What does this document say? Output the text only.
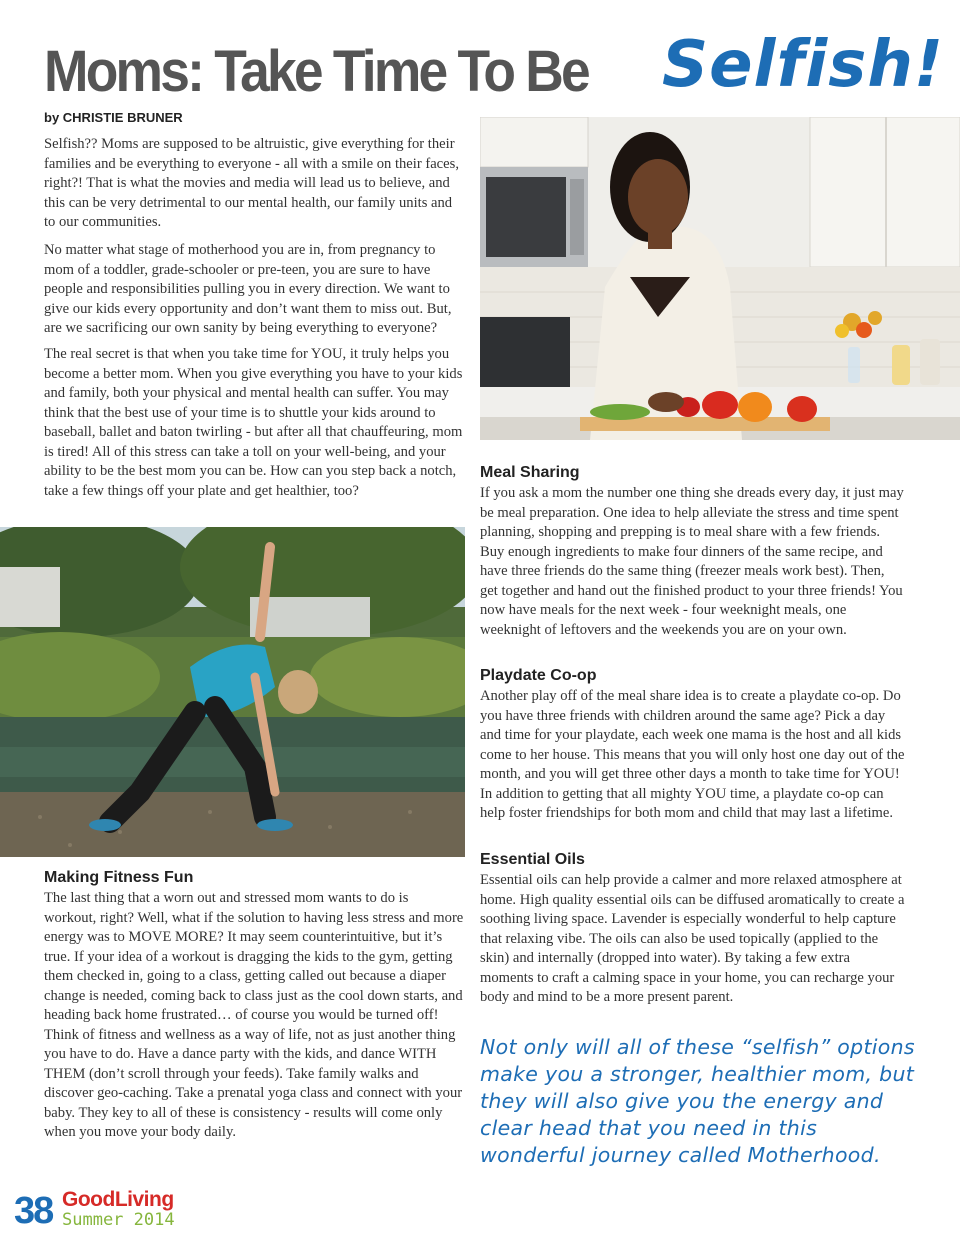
Moms: Take Time To Be Selfish!
by CHRISTIE BRUNER

Selfish?? Moms are supposed to be altruistic, give everything for their families and be everything to everyone - all with a smile on their faces, right?! That is what the movies and media will lead us to believe, and this can be very detrimental to our mental health, our family units and to our communities.

No matter what stage of motherhood you are in, from pregnancy to mom of a toddler, grade-schooler or pre-teen, you are sure to have people and responsibilities pulling you in every direction. We want to give our kids every opportunity and don’t want them to miss out. But, are we sacrificing our own sanity by being everything to everyone?

The real secret is that when you take time for YOU, it truly helps you become a better mom. When you give everything you have to your kids and family, both your physical and mental health can suffer. You may think that the best use of your time is to shuttle your kids around to baseball, ballet and baton twirling - but after all that chauffeuring, mom is tired! All of this stress can take a toll on your well-being, and your ability to be the best mom you can be. How can you step back a notch, take a few things off your plate and get healthier, too?

Meal Sharing

If you ask a mom the number one thing she dreads every day, it just may be meal preparation. One idea to help alleviate the stress and time spent planning, shopping and prepping is to meal share with a few friends. Buy enough ingredients to make four dinners of the same recipe, and have three friends do the same thing (freezer meals work best). Then, get together and hand out the finished product to your three friends! You now have meals for the next week - four weeknight meals, one weeknight of leftovers and the weekends you are on your own.

Playdate Co-op

Another play off of the meal share idea is to create a playdate co-op. Do you have three friends with children around the same age? Pick a day and time for your playdate, each week one mama is the host and all kids come to her house. This means that you will only host one day out of the month, and you will get three other days a month to take time for YOU! In addition to getting that all mighty YOU time, a playdate co-op can help foster friendships for both mom and child that may last a lifetime.

Essential Oils

Essential oils can help provide a calmer and more relaxed atmosphere at home. High quality essential oils can be diffused aromatically to create a soothing living space. Lavender is especially wonderful to help capture that relaxing vibe. The oils can also be used topically (applied to the skin) and internally (dropped into water). By taking a few extra moments to craft a calming space in your home, you can recharge your body and mind to be a more present parent.

Making Fitness Fun

The last thing that a worn out and stressed mom wants to do is workout, right? Well, what if the solution to having less stress and more energy was to MOVE MORE? It may seem counterintuitive, but it’s true. If your idea of a workout is dragging the kids to the gym, getting them checked in, going to a class, getting called out because a diaper change is needed, coming back to class just as the cool down starts, and heading back home frustrated… of course you would be turned off! Think of fitness and wellness as a way of life, not as just another thing you have to do. Have a dance party with the kids, and dance WITH THEM (don’t scroll through your feeds). Take family walks and discover geo-caching. Take a prenatal yoga class and connect with your baby. They key to all of these is consistency - results will come only when you move your body daily.

Not only will all of these “selfish” options make you a stronger, healthier mom, but they will also give you the energy and clear head that you need in this wonderful journey called Motherhood.
38 GoodLiving
Summer 2014
